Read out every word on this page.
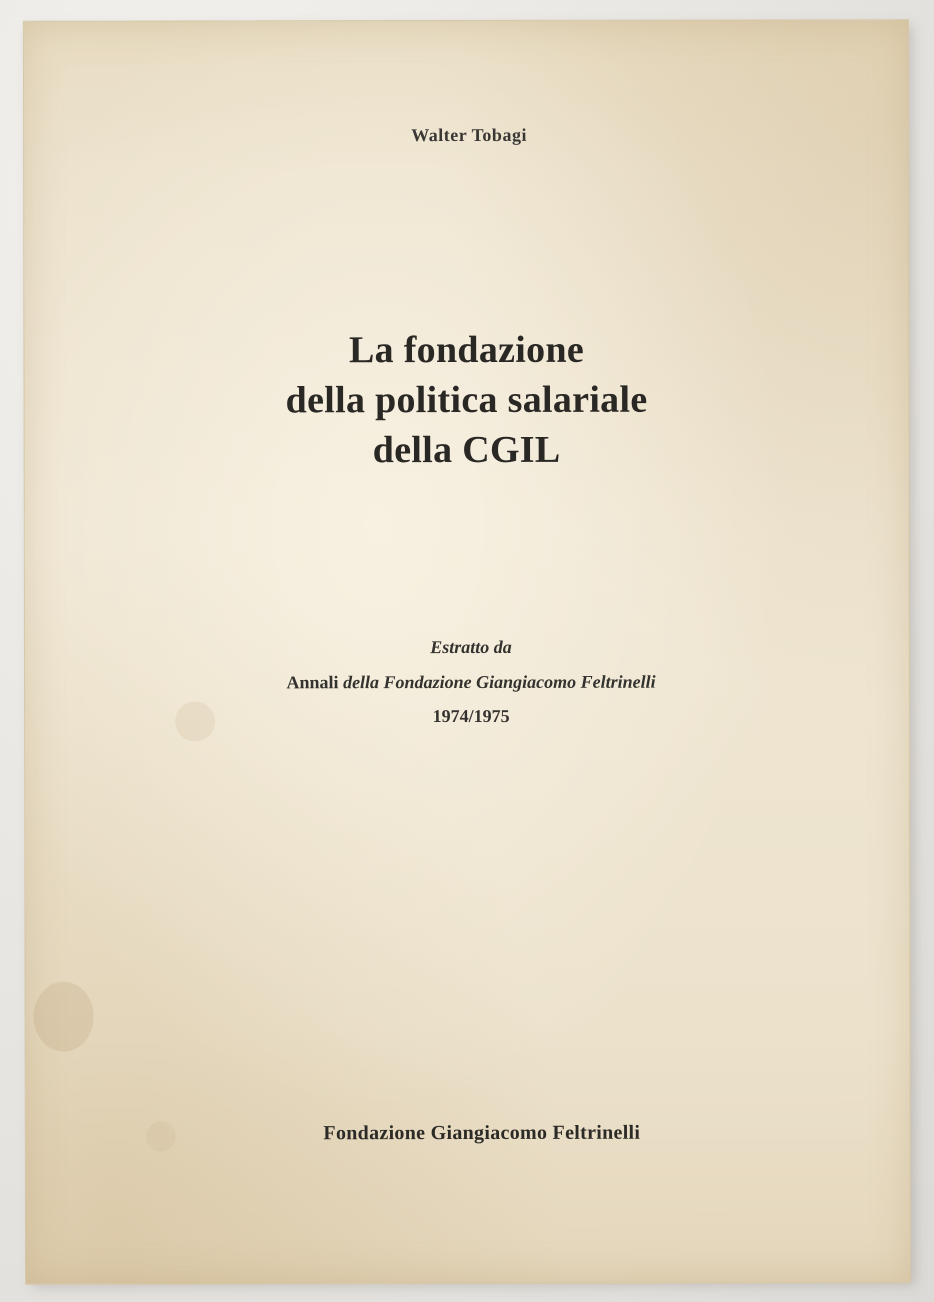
Walter Tobagi
La fondazione
della politica salariale
della CGIL
Estratto da
Annali della Fondazione Giangiacomo Feltrinelli
1974/1975
Fondazione Giangiacomo Feltrinelli
